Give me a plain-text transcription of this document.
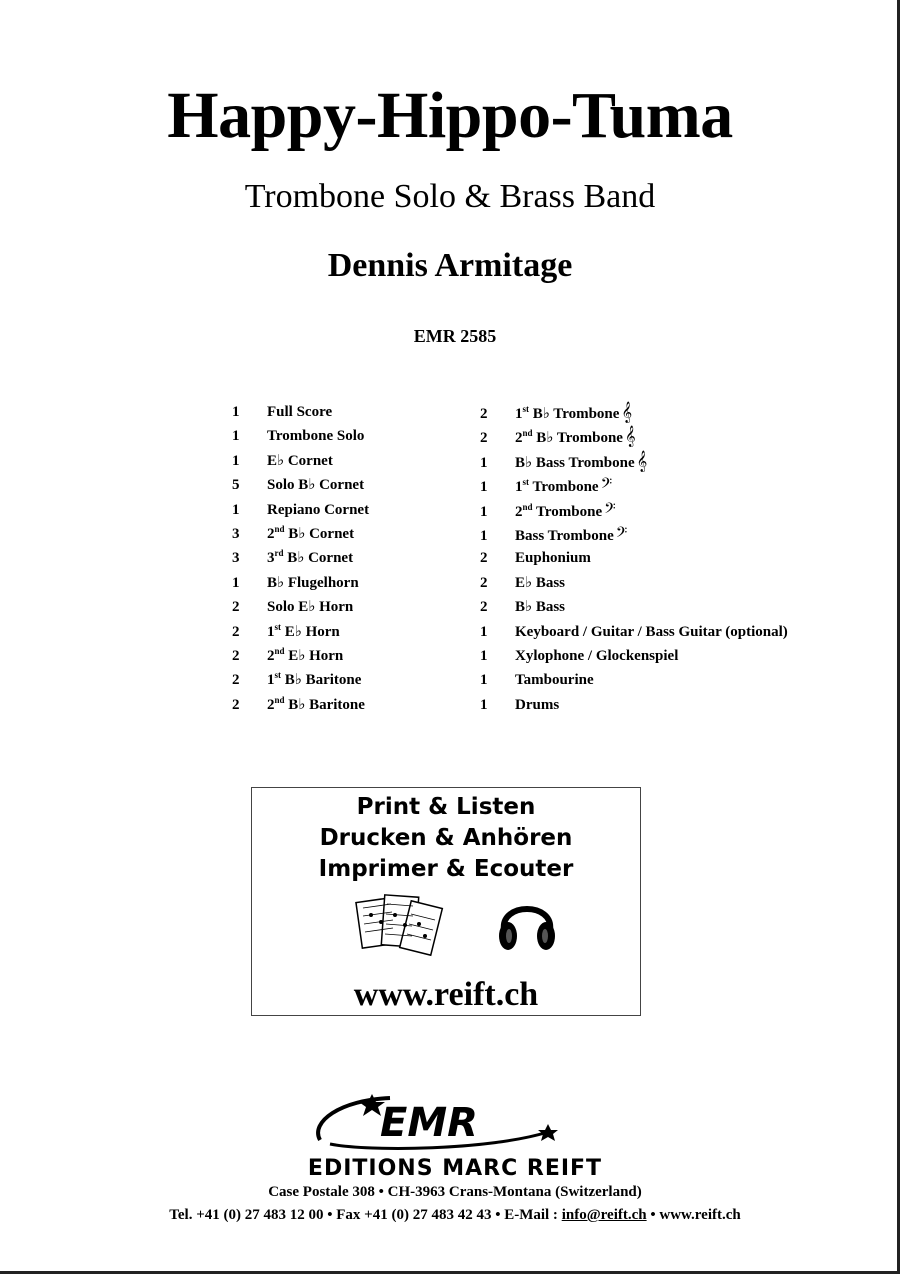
Happy-Hippo-Tuma
Trombone Solo & Brass Band
Dennis Armitage
EMR 2585
1 Full Score
1 Trombone Solo
1 E♭ Cornet
5 Solo B♭ Cornet
1 Repiano Cornet
3 2nd B♭ Cornet
3 3rd B♭ Cornet
1 B♭ Flugelhorn
2 Solo E♭ Horn
2 1st E♭ Horn
2 2nd E♭ Horn
2 1st B♭ Baritone
2 2nd B♭ Baritone
2 1st B♭ Trombone 𝄞
2 2nd B♭ Trombone 𝄞
1 B♭ Bass Trombone 𝄞
1 1st Trombone 𝄢
1 2nd Trombone 𝄢
1 Bass Trombone 𝄢
2 Euphonium
2 E♭ Bass
2 B♭ Bass
1 Keyboard / Guitar / Bass Guitar (optional)
1 Xylophone / Glockenspiel
1 Tambourine
1 Drums
Print & Listen
Drucken & Anhören
Imprimer & Ecouter
www.reift.ch
EMR
EDITIONS MARC REIFT
Case Postale 308 • CH-3963 Crans-Montana (Switzerland)
Tel. +41 (0) 27 483 12 00 • Fax +41 (0) 27 483 42 43 • E-Mail : info@reift.ch • www.reift.ch
